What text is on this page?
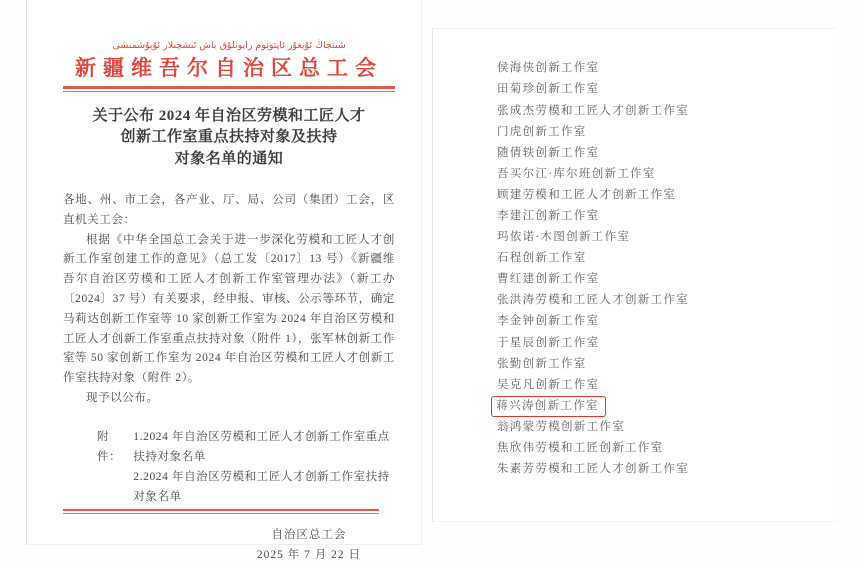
شىنجاڭ ئۇيغۇر ئاپتونوم رايونلۇق باش ئىشچىلار ئۇيۇشمىسى
新疆维吾尔自治区总工会
关于公布 2024 年自治区劳模和工匠人才
创新工作室重点扶持对象及扶持
对象名单的通知
各地、州、市工会，各产业、厅、局、公司（集团）工会，区直机关工会：
根据《中华全国总工会关于进一步深化劳模和工匠人才创新工作室创建工作的意见》（总工发〔2017〕13 号）《新疆维吾尔自治区劳模和工匠人才创新工作室管理办法》（新工办〔2024〕37 号）有关要求，经申报、审核、公示等环节，确定马莉达创新工作室等 10 家创新工作室为 2024 年自治区劳模和工匠人才创新工作室重点扶持对象（附件 1），张军林创新工作室等 50 家创新工作室为 2024 年自治区劳模和工匠人才创新工作室扶持对象（附件 2）。
现予以公布。
附件：
1.2024 年自治区劳模和工匠人才创新工作室重点扶持对象名单
2.2024 年自治区劳模和工匠人才创新工作室扶持对象名单
自治区总工会
2025 年 7 月 22 日
侯海侠创新工作室
田菊珍创新工作室
张成杰劳模和工匠人才创新工作室
门虎创新工作室
随倩轶创新工作室
吾买尔江·库尔班创新工作室
顾建劳模和工匠人才创新工作室
李建江创新工作室
玛依诺·木图创新工作室
石程创新工作室
曹红建创新工作室
张洪涛劳模和工匠人才创新工作室
李金钟创新工作室
于星辰创新工作室
张勤创新工作室
吴克凡创新工作室
蒋兴涛创新工作室
翁鸿蒙劳模创新工作室
焦欣伟劳模和工匠创新工作室
朱素芳劳模和工匠人才创新工作室
